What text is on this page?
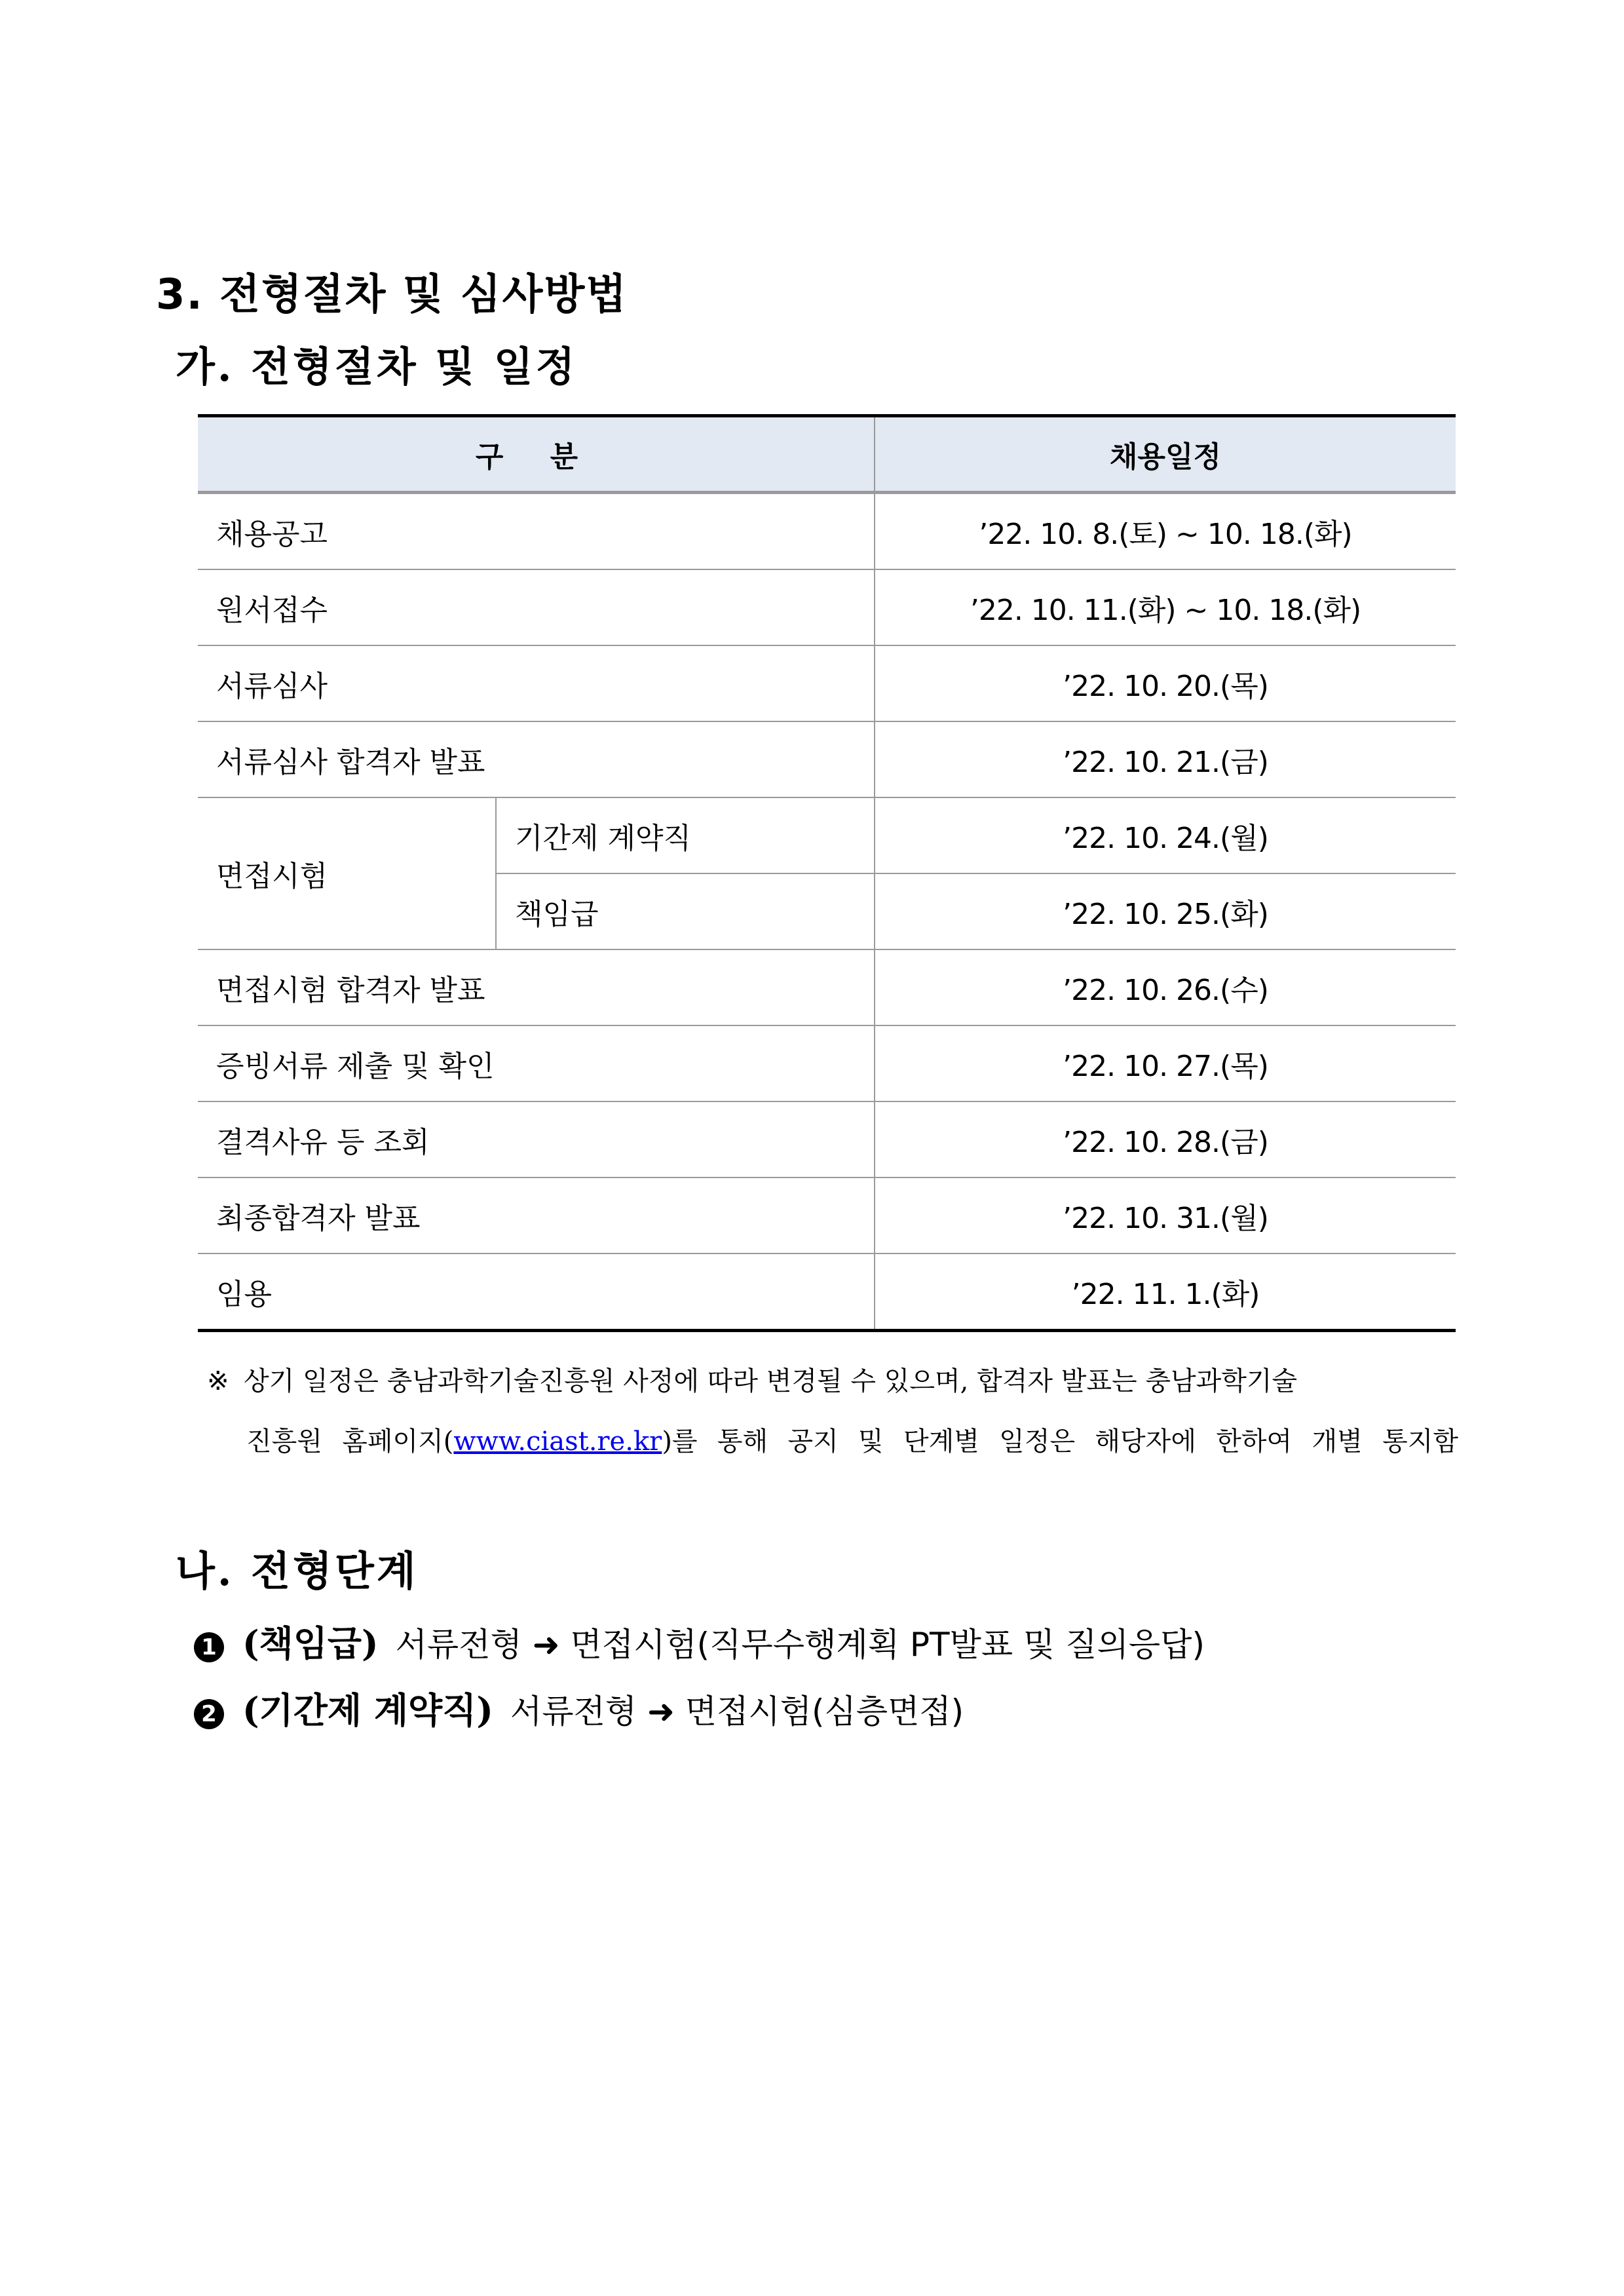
3. 전형절차 및 심사방법
가. 전형절차 및 일정
구 분		채용일정
채용공고		’22. 10. 8.(토) ~ 10. 18.(화)
원서접수		’22. 10. 11.(화) ~ 10. 18.(화)
서류심사		’22. 10. 20.(목)
서류심사 합격자 발표		’22. 10. 21.(금)
면접시험	기간제 계약직	’22. 10. 24.(월)
	책임급	’22. 10. 25.(화)
면접시험 합격자 발표		’22. 10. 26.(수)
증빙서류 제출 및 확인		’22. 10. 27.(목)
결격사유 등 조회		’22. 10. 28.(금)
최종합격자 발표		’22. 10. 31.(월)
임용		’22. 11. 1.(화)

※ 상기 일정은 충남과학기술진흥원 사정에 따라 변경될 수 있으며, 합격자 발표는 충남과학기술
진흥원 홈페이지(www.ciast.re.kr)를 통해 공지 및 단계별 일정은 해당자에 한하여 개별 통지함

나. 전형단계

1 (책임급) 서류전형 ➜ 면접시험(직무수행계획 PT발표 및 질의응답)

2 (기간제 계약직) 서류전형 ➜ 면접시험(심층면접)
